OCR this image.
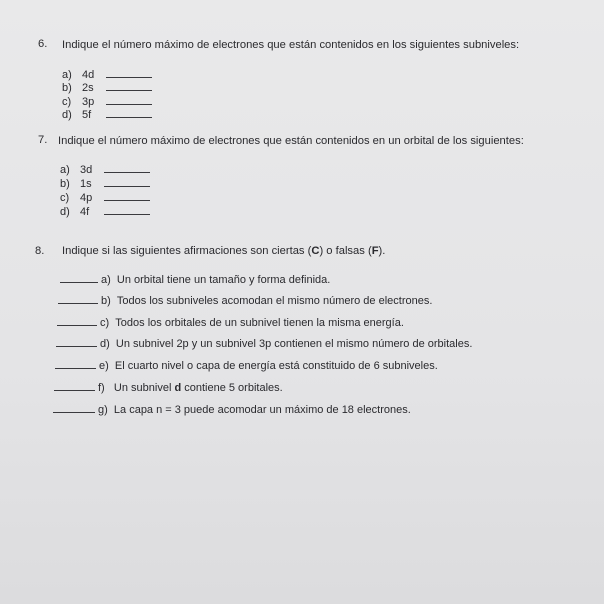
6. Indique el número máximo de electrones que están contenidos en los siguientes subniveles:
a) 4d
b) 2s
c) 3p
d) 5f
7. Indique el número máximo de electrones que están contenidos en un orbital de los siguientes:
a) 3d
b) 1s
c) 4p
d) 4f
8. Indique si las siguientes afirmaciones son ciertas (C) o falsas (F).
a) Un orbital tiene un tamaño y forma definida.
b) Todos los subniveles acomodan el mismo número de electrones.
c) Todos los orbitales de un subnivel tienen la misma energía.
d) Un subnivel 2p y un subnivel 3p contienen el mismo número de orbitales.
e) El cuarto nivel o capa de energía está constituido de 6 subniveles.
f) Un subnivel d contiene 5 orbitales.
g) La capa n = 3 puede acomodar un máximo de 18 electrones.
